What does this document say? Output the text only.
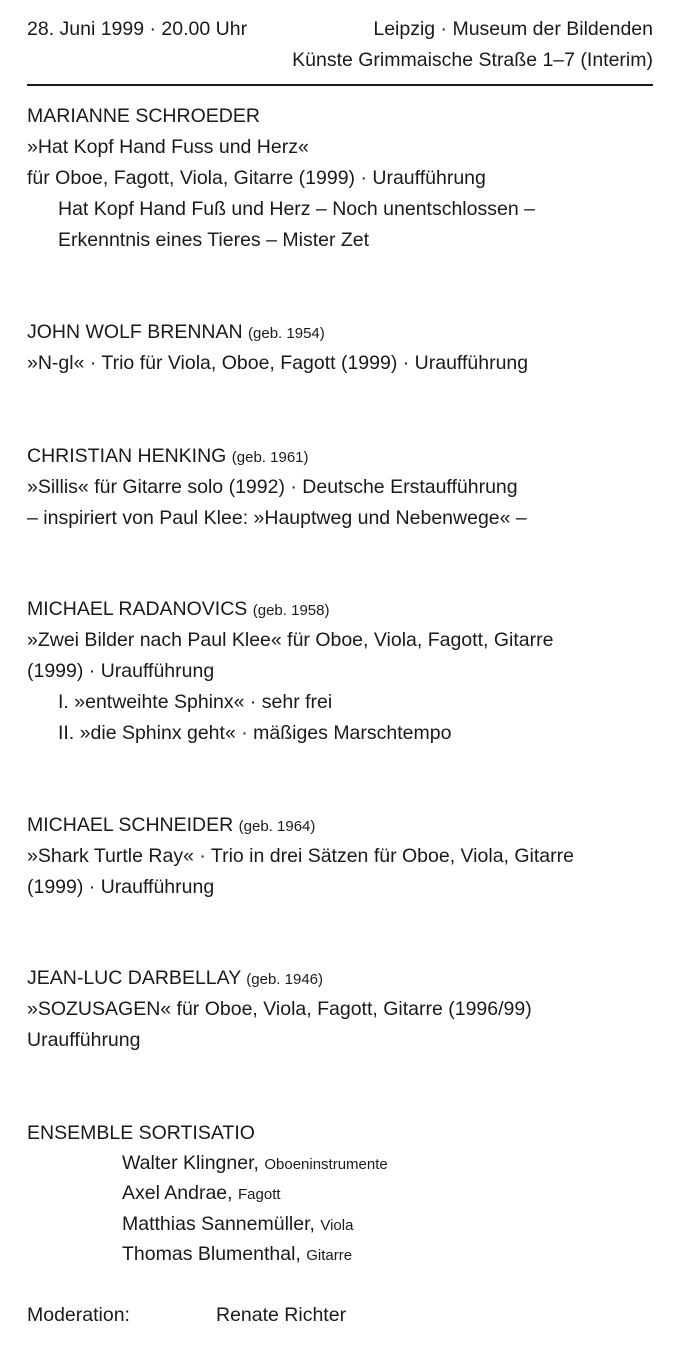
28. Juni 1999 · 20.00 Uhr	Leipzig · Museum der Bildenden
Künste Grimmaische Straße 1–7 (Interim)
MARIANNE SCHROEDER
»Hat Kopf Hand Fuss und Herz«
für Oboe, Fagott, Viola, Gitarre (1999) · Uraufführung
Hat Kopf Hand Fuß und Herz – Noch unentschlossen –
Erkenntnis eines Tieres – Mister Zet
JOHN WOLF BRENNAN (geb. 1954)
»N-gl« · Trio für Viola, Oboe, Fagott (1999) · Uraufführung
CHRISTIAN HENKING (geb. 1961)
»Sillis« für Gitarre solo (1992) · Deutsche Erstaufführung
– inspiriert von Paul Klee: »Hauptweg und Nebenwege« –
MICHAEL RADANOVICS (geb. 1958)
»Zwei Bilder nach Paul Klee« für Oboe, Viola, Fagott, Gitarre
(1999) · Uraufführung
I. »entweihte Sphinx« · sehr frei
II. »die Sphinx geht« · mäßiges Marschtempo
MICHAEL SCHNEIDER (geb. 1964)
»Shark Turtle Ray« · Trio in drei Sätzen für Oboe, Viola, Gitarre
(1999) · Uraufführung
JEAN-LUC DARBELLAY (geb. 1946)
»SOZUSAGEN« für Oboe, Viola, Fagott, Gitarre (1996/99)
Uraufführung
ENSEMBLE SORTISATIO
Walter Klingner, Oboeninstrumente
Axel Andrae, Fagott
Matthias Sannemüller, Viola
Thomas Blumenthal, Gitarre
Moderation:	Renate Richter
